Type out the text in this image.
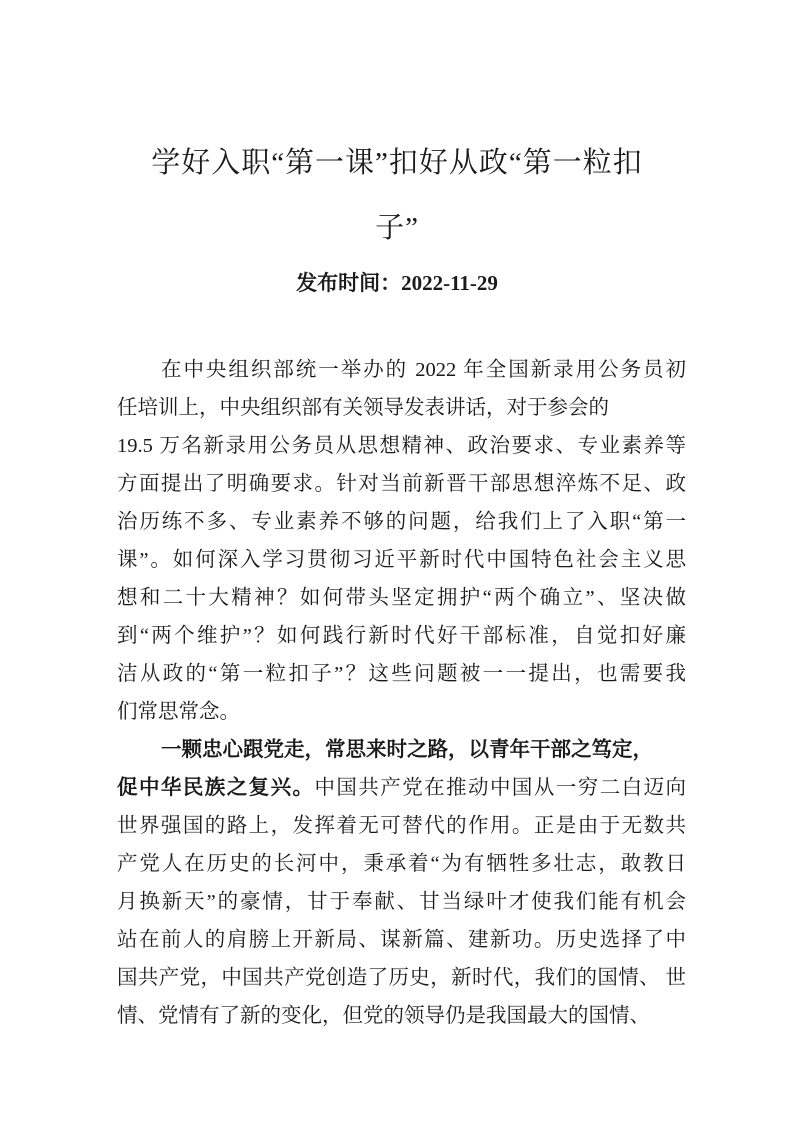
学好入职“第一课”扣好从政“第一粒扣
子”

发布时间：2022-11-29

在中央组织部统一举办的 2022 年全国新录用公务员初
任培训上，中央组织部有关领导发表讲话，对于参会的
19.5 万名新录用公务员从思想精神、政治要求、专业素养等
方面提出了明确要求。针对当前新晋干部思想淬炼不足、政
治历练不多、专业素养不够的问题，给我们上了入职“第一
课”。如何深入学习贯彻习近平新时代中国特色社会主义思
想和二十大精神？如何带头坚定拥护“两个确立”、坚决做
到“两个维护”？如何践行新时代好干部标准，自觉扣好廉
洁从政的“第一粒扣子”？这些问题被一一提出，也需要我
们常思常念。
一颗忠心跟党走，常思来时之路，以青年干部之笃定，
促中华民族之复兴。中国共产党在推动中国从一穷二白迈向
世界强国的路上，发挥着无可替代的作用。正是由于无数共
产党人在历史的长河中，秉承着“为有牺牲多壮志，敢教日
月换新天”的豪情，甘于奉献、甘当绿叶才使我们能有机会
站在前人的肩膀上开新局、谋新篇、建新功。历史选择了中
国共产党，中国共产党创造了历史，新时代，我们的国情、 世
情、党情有了新的变化，但党的领导仍是我国最大的国情、
